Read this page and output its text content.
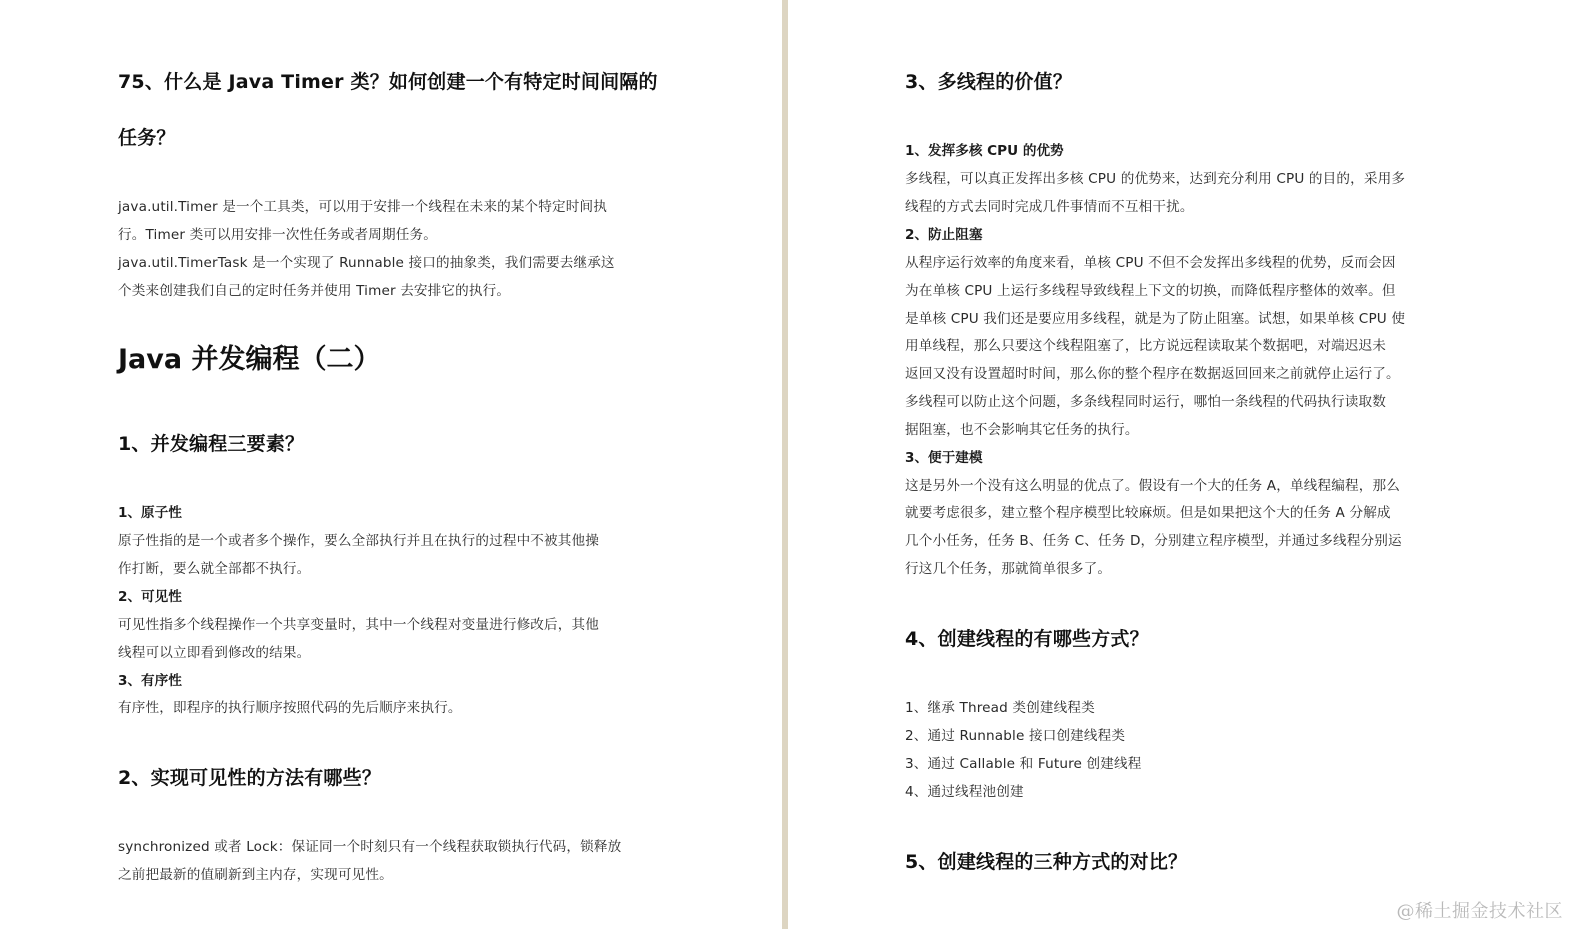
75、什么是 Java Timer 类？如何创建一个有特定时间间隔的
任务？
java.util.Timer 是一个工具类，可以用于安排一个线程在未来的某个特定时间执
行。Timer 类可以用安排一次性任务或者周期任务。
java.util.TimerTask 是一个实现了 Runnable 接口的抽象类，我们需要去继承这
个类来创建我们自己的定时任务并使用 Timer 去安排它的执行。
Java 并发编程（二）
1、并发编程三要素？
1、原子性
原子性指的是一个或者多个操作，要么全部执行并且在执行的过程中不被其他操
作打断，要么就全部都不执行。
2、可见性
可见性指多个线程操作一个共享变量时，其中一个线程对变量进行修改后，其他
线程可以立即看到修改的结果。
3、有序性
有序性，即程序的执行顺序按照代码的先后顺序来执行。
2、实现可见性的方法有哪些？
synchronized 或者 Lock：保证同一个时刻只有一个线程获取锁执行代码，锁释放
之前把最新的值刷新到主内存，实现可见性。
3、多线程的价值？
1、发挥多核 CPU 的优势
多线程，可以真正发挥出多核 CPU 的优势来，达到充分利用 CPU 的目的，采用多
线程的方式去同时完成几件事情而不互相干扰。
2、防止阻塞
从程序运行效率的角度来看，单核 CPU 不但不会发挥出多线程的优势，反而会因
为在单核 CPU 上运行多线程导致线程上下文的切换，而降低程序整体的效率。但
是单核 CPU 我们还是要应用多线程，就是为了防止阻塞。试想，如果单核 CPU 使
用单线程，那么只要这个线程阻塞了，比方说远程读取某个数据吧，对端迟迟未
返回又没有设置超时时间，那么你的整个程序在数据返回回来之前就停止运行了。
多线程可以防止这个问题，多条线程同时运行，哪怕一条线程的代码执行读取数
据阻塞，也不会影响其它任务的执行。
3、便于建模
这是另外一个没有这么明显的优点了。假设有一个大的任务 A，单线程编程，那么
就要考虑很多，建立整个程序模型比较麻烦。但是如果把这个大的任务 A 分解成
几个小任务，任务 B、任务 C、任务 D，分别建立程序模型，并通过多线程分别运
行这几个任务，那就简单很多了。
4、创建线程的有哪些方式？
1、继承 Thread 类创建线程类
2、通过 Runnable 接口创建线程类
3、通过 Callable 和 Future 创建线程
4、通过线程池创建
5、创建线程的三种方式的对比？
@稀土掘金技术社区
